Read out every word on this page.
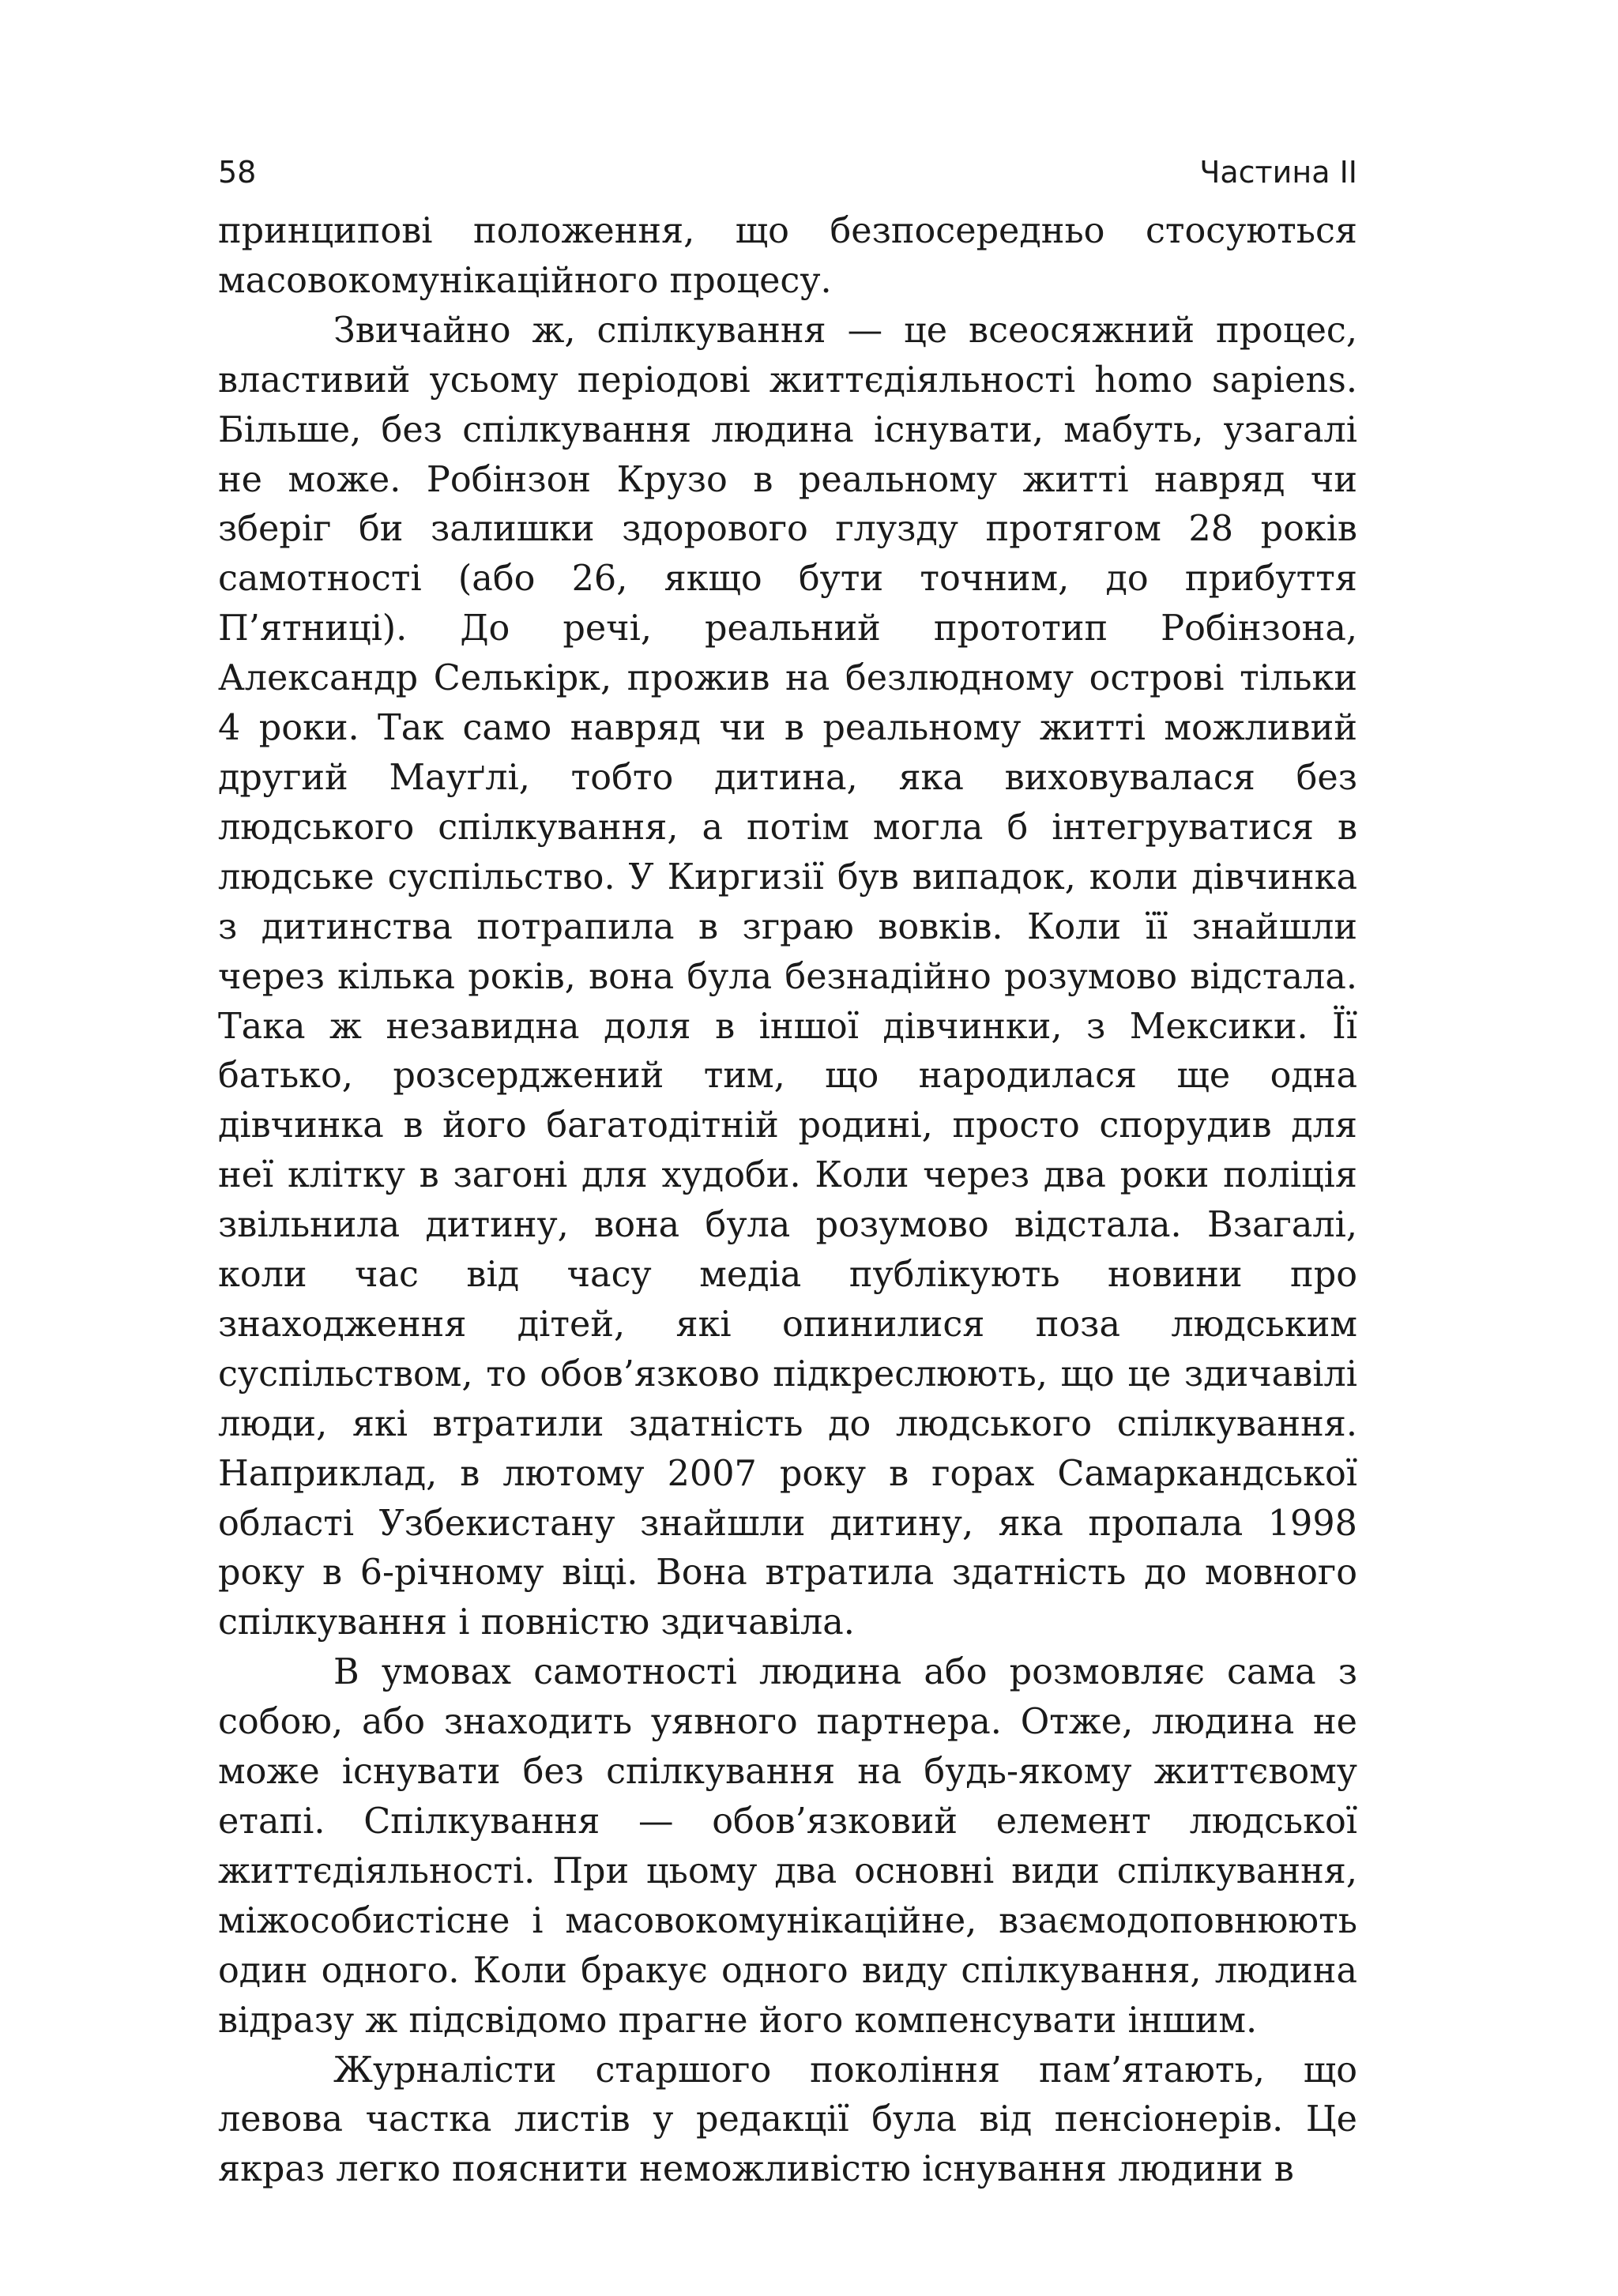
58	Частина II

принципові положення, що безпосередньо стосуються масовокомунікаційного процесу.

Звичайно ж, спілкування — це всеосяжний процес, властивий усьому періодові життєдіяльності homo sapiens. Більше, без спілкування людина існувати, мабуть, узагалі не може. Робінзон Крузо в реальному житті навряд чи зберіг би залишки здорового глузду протягом 28 років самотності (або 26, якщо бути точним, до прибуття П’ятниці). До речі, реальний прототип Робінзона, Александр Селькірк, прожив на безлюдному острові тільки 4 роки. Так само навряд чи в реальному житті можливий другий Мауґлі, тобто дитина, яка виховувалася без людського спілкування, а потім могла б інтегруватися в людське суспільство. У Киргизії був випадок, коли дівчинка з дитинства потрапила в зграю вовків. Коли її знайшли через кілька років, вона була безнадійно розумово відстала. Така ж незавидна доля в іншої дівчинки, з Мексики. Її батько, розсерджений тим, що народилася ще одна дівчинка в його багатодітній родині, просто спорудив для неї клітку в загоні для худоби. Коли через два роки поліція звільнила дитину, вона була розумово відстала. Взагалі, коли час від часу медіа публікують новини про знаходження дітей, які опинилися поза людським суспільством, то обов’язково підкреслюють, що це здичавілі люди, які втратили здатність до людського спілкування. Наприклад, в лютому 2007 року в горах Самаркандської області Узбекистану знайшли дитину, яка пропала 1998 року в 6-річному віці. Вона втратила здатність до мовного спілкування і повністю здичавіла.

В умовах самотності людина або розмовляє сама з собою, або знаходить уявного партнера. Отже, людина не може існувати без спілкування на будь-якому життєвому етапі. Спілкування — обов’язковий елемент людської життєдіяльності. При цьому два основні види спілкування, міжособистісне і масовокомунікаційне, взаємодоповнюють один одного. Коли бракує одного виду спілкування, людина відразу ж підсвідомо прагне його компенсувати іншим.

Журналісти старшого покоління пам’ятають, що левова частка листів у редакції була від пенсіонерів. Це якраз легко пояснити неможливістю існування людини в
